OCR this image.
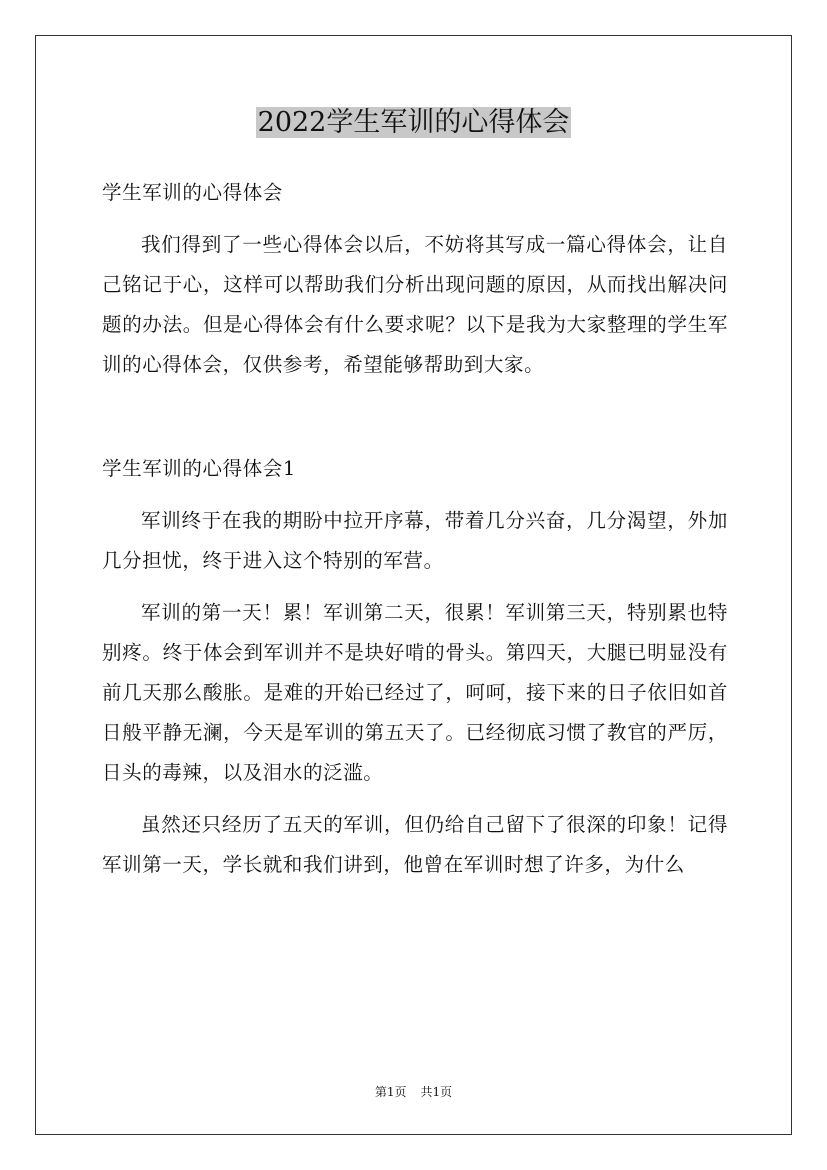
2022学生军训的心得体会

学生军训的心得体会

我们得到了一些心得体会以后，不妨将其写成一篇心得体会，让自己铭记于心，这样可以帮助我们分析出现问题的原因，从而找出解决问题的办法。但是心得体会有什么要求呢？以下是我为大家整理的学生军训的心得体会，仅供参考，希望能够帮助到大家。

学生军训的心得体会1

军训终于在我的期盼中拉开序幕，带着几分兴奋，几分渴望，外加几分担忧，终于进入这个特别的军营。

军训的第一天！累！军训第二天，很累！军训第三天，特别累也特别疼。终于体会到军训并不是块好啃的骨头。第四天，大腿已明显没有前几天那么酸胀。是难的开始已经过了，呵呵，接下来的日子依旧如首日般平静无澜，今天是军训的第五天了。已经彻底习惯了教官的严厉，日头的毒辣，以及泪水的泛滥。

虽然还只经历了五天的军训，但仍给自己留下了很深的印象！记得军训第一天，学长就和我们讲到，他曾在军训时想了许多，为什么

第1页 共1页
